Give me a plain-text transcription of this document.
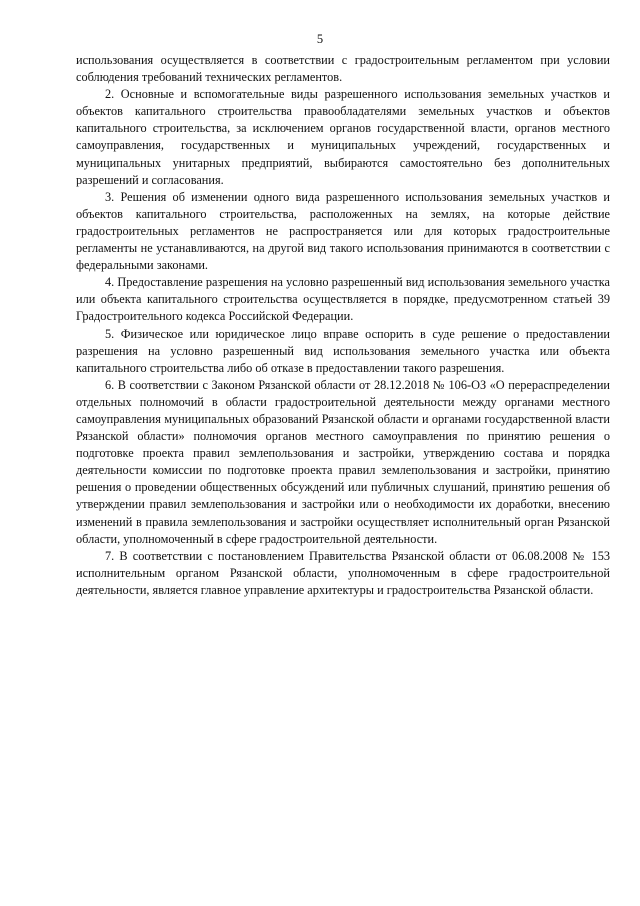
5

использования осуществляется в соответствии с градостроительным регламентом при условии соблюдения требований технических регламентов.

2. Основные и вспомогательные виды разрешенного использования земельных участков и объектов капитального строительства правообладателями земельных участков и объектов капитального строительства, за исключением органов государственной власти, органов местного самоуправления, государственных и муниципальных учреждений, государственных и муниципальных унитарных предприятий, выбираются самостоятельно без дополнительных разрешений и согласования.

3. Решения об изменении одного вида разрешенного использования земельных участков и объектов капитального строительства, расположенных на землях, на которые действие градостроительных регламентов не распространяется или для которых градостроительные регламенты не устанавливаются, на другой вид такого использования принимаются в соответствии с федеральными законами.

4. Предоставление разрешения на условно разрешенный вид использования земельного участка или объекта капитального строительства осуществляется в порядке, предусмотренном статьей 39 Градостроительного кодекса Российской Федерации.

5. Физическое или юридическое лицо вправе оспорить в суде решение о предоставлении разрешения на условно разрешенный вид использования земельного участка или объекта капитального строительства либо об отказе в предоставлении такого разрешения.

6. В соответствии с Законом Рязанской области от 28.12.2018 № 106-ОЗ «О перераспределении отдельных полномочий в области градостроительной деятельности между органами местного самоуправления муниципальных образований Рязанской области и органами государственной власти Рязанской области» полномочия органов местного самоуправления по принятию решения о подготовке проекта правил землепользования и застройки, утверждению состава и порядка деятельности комиссии по подготовке проекта правил землепользования и застройки, принятию решения о проведении общественных обсуждений или публичных слушаний, принятию решения об утверждении правил землепользования и застройки или о необходимости их доработки, внесению изменений в правила землепользования и застройки осуществляет исполнительный орган Рязанской области, уполномоченный в сфере градостроительной деятельности.

7. В соответствии с постановлением Правительства Рязанской области от 06.08.2008 № 153 исполнительным органом Рязанской области, уполномоченным в сфере градостроительной деятельности, является главное управление архитектуры и градостроительства Рязанской области.
